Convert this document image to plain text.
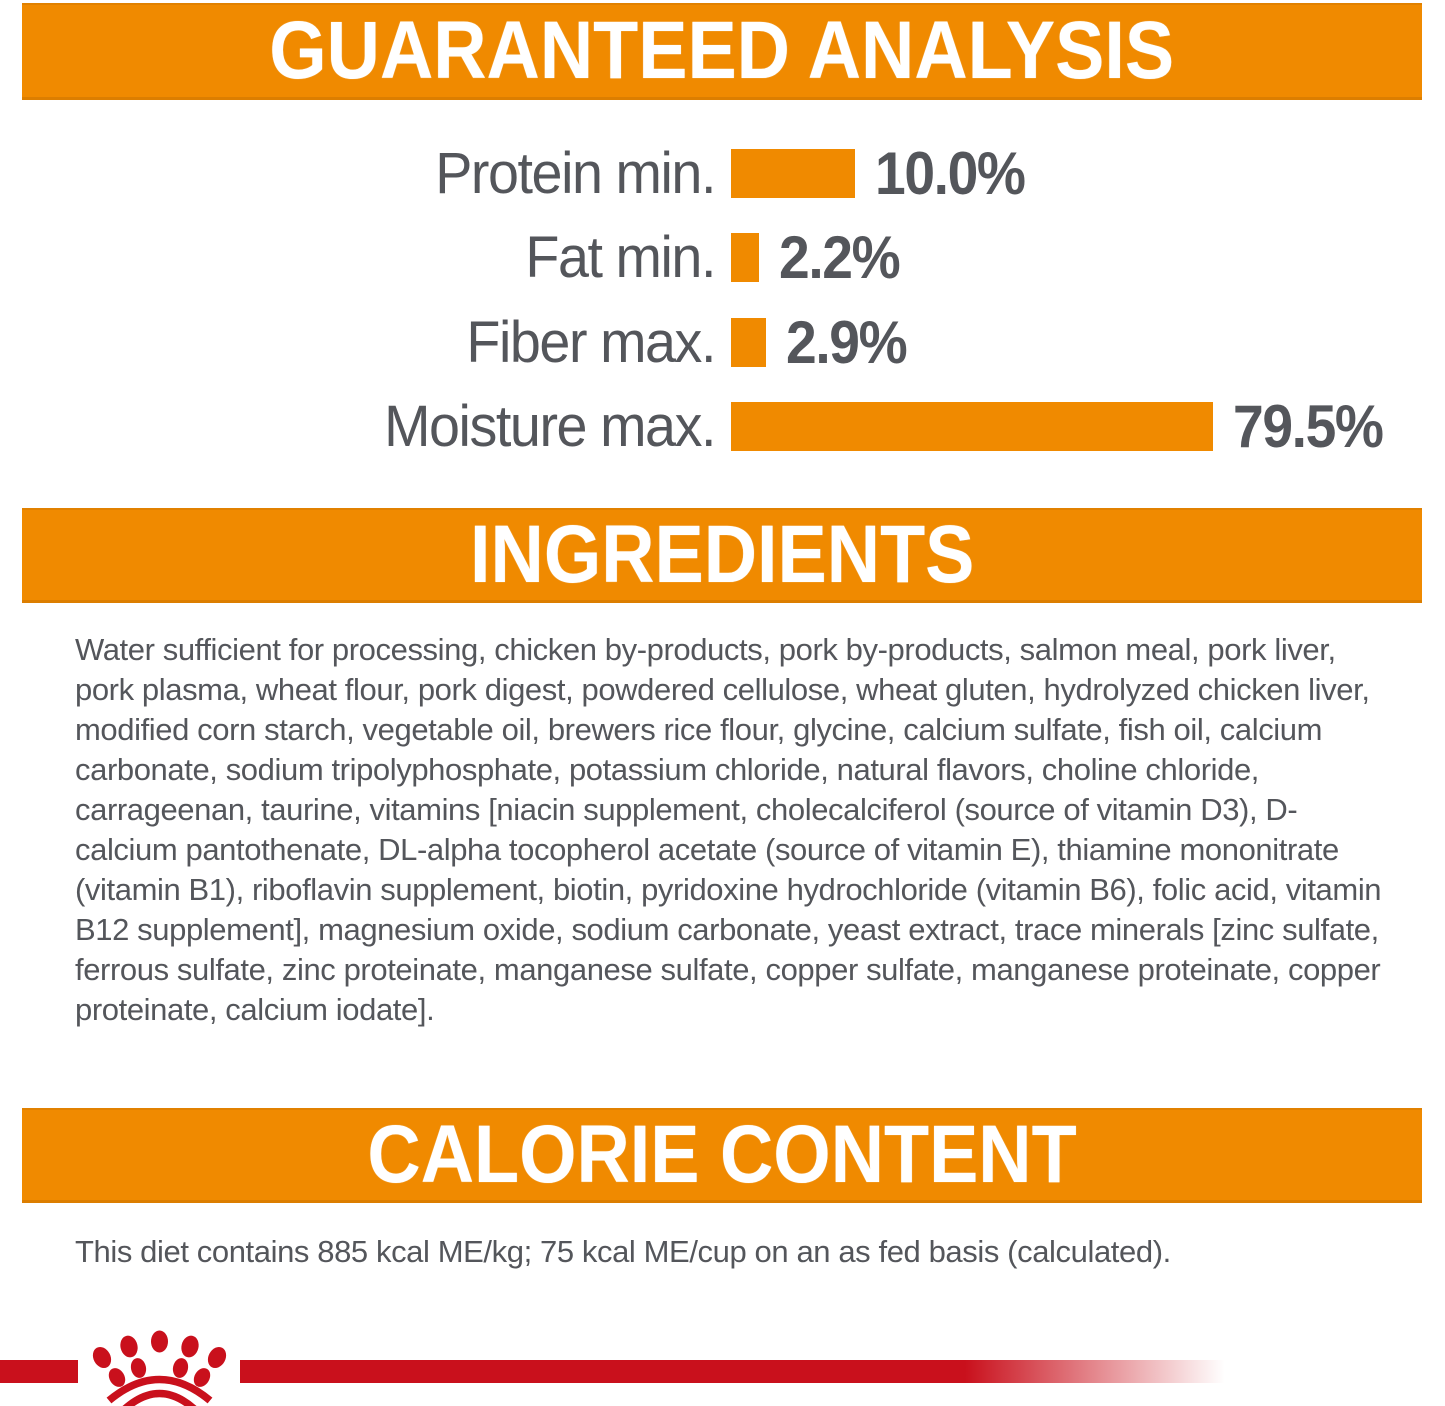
GUARANTEED ANALYSIS
Protein min.	10.0%
Fat min. 2.2%
Fiber max. 2.9%
Moisture max.	79.5%
INGREDIENTS
Water sufficient for processing, chicken by-products, pork by-products, salmon meal, pork liver, pork plasma, wheat flour, pork digest, powdered cellulose, wheat gluten, hydrolyzed chicken liver, modified corn starch, vegetable oil, brewers rice flour, glycine, calcium sulfate, fish oil, calcium carbonate, sodium tripolyphosphate, potassium chloride, natural flavors, choline chloride, carrageenan, taurine, vitamins [niacin supplement, cholecalciferol (source of vitamin D3), D-calcium pantothenate, DL-alpha tocopherol acetate (source of vitamin E), thiamine mononitrate (vitamin B1), riboflavin supplement, biotin, pyridoxine hydrochloride (vitamin B6), folic acid, vitamin B12 supplement], magnesium oxide, sodium carbonate, yeast extract, trace minerals [zinc sulfate, ferrous sulfate, zinc proteinate, manganese sulfate, copper sulfate, manganese proteinate, copper proteinate, calcium iodate].
CALORIE CONTENT
This diet contains 885 kcal ME/kg; 75 kcal ME/cup on an as fed basis (calculated).
